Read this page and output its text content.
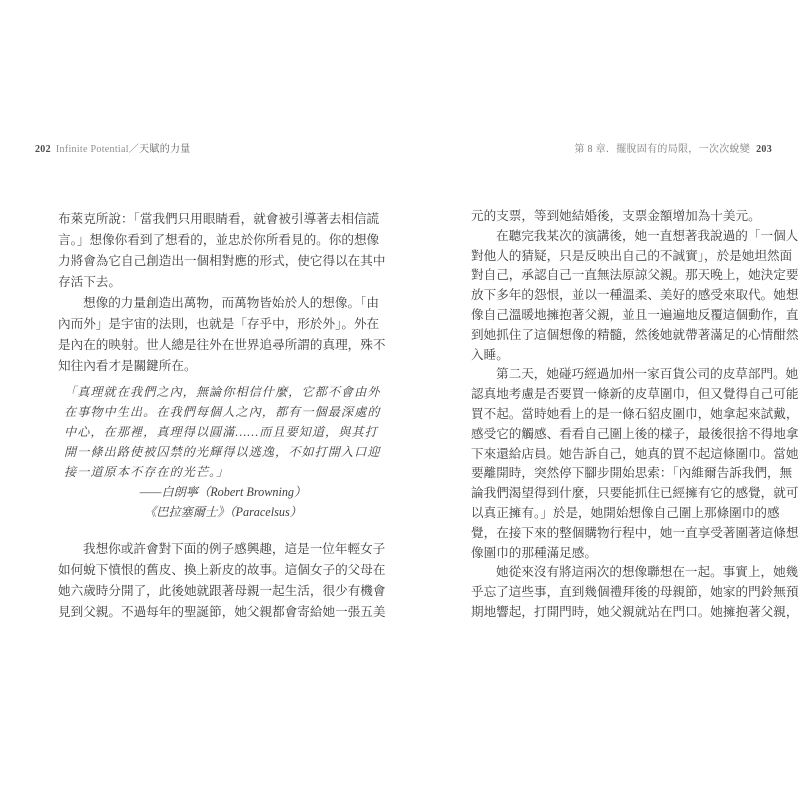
202 Infinite Potential／天賦的力量	第 8 章．擺脫固有的局限，一次次蛻變 203
布萊克所說：「當我們只用眼睛看，就會被引導著去相信謊
言。」想像你看到了想看的，並忠於你所看見的。你的想像
力將會為它自己創造出一個相對應的形式，使它得以在其中
存活下去。
想像的力量創造出萬物，而萬物皆始於人的想像。「由
內而外」是宇宙的法則，也就是「存乎中，形於外」。外在
是內在的映射。世人總是往外在世界追尋所謂的真理，殊不
知往內看才是關鍵所在。
「真理就在我們之內，無論你相信什麼，它都不會由外
在事物中生出。在我們每個人之內，都有一個最深處的
中心，在那裡，真理得以圓滿……而且要知道，與其打
開一條出路使被囚禁的光輝得以逃逸，不如打開入口迎
接一道原本不存在的光芒。」
——白朗寧（Robert Browning）
《巴拉塞爾士》（Paracelsus）
我想你或許會對下面的例子感興趣，這是一位年輕女子
如何蛻下憤恨的舊皮、換上新皮的故事。這個女子的父母在
她六歲時分開了，此後她就跟著母親一起生活，很少有機會
見到父親。不過每年的聖誕節，她父親都會寄給她一張五美
元的支票，等到她結婚後，支票金額增加為十美元。
在聽完我某次的演講後，她一直想著我說過的「一個人
對他人的猜疑，只是反映出自己的不誠實」，於是她坦然面
對自己，承認自己一直無法原諒父親。那天晚上，她決定要
放下多年的怨恨，並以一種溫柔、美好的感受來取代。她想
像自己溫暖地擁抱著父親，並且一遍遍地反覆這個動作，直
到她抓住了這個想像的精髓，然後她就帶著滿足的心情酣然
入睡。
第二天，她碰巧經過加州一家百貨公司的皮草部門。她
認真地考慮是否要買一條新的皮草圍巾，但又覺得自己可能
買不起。當時她看上的是一條石貂皮圍巾，她拿起來試戴，
感受它的觸感、看看自己圍上後的樣子，最後很捨不得地拿
下來還給店員。她告訴自己，她真的買不起這條圍巾。當她
要離開時，突然停下腳步開始思索：「內維爾告訴我們，無
論我們渴望得到什麼，只要能抓住已經擁有它的感覺，就可
以真正擁有。」於是，她開始想像自己圍上那條圍巾的感
覺，在接下來的整個購物行程中，她一直享受著圍著這條想
像圍巾的那種滿足感。
她從來沒有將這兩次的想像聯想在一起。事實上，她幾
乎忘了這些事，直到幾個禮拜後的母親節，她家的門鈴無預
期地響起，打開門時，她父親就站在門口。她擁抱著父親，
